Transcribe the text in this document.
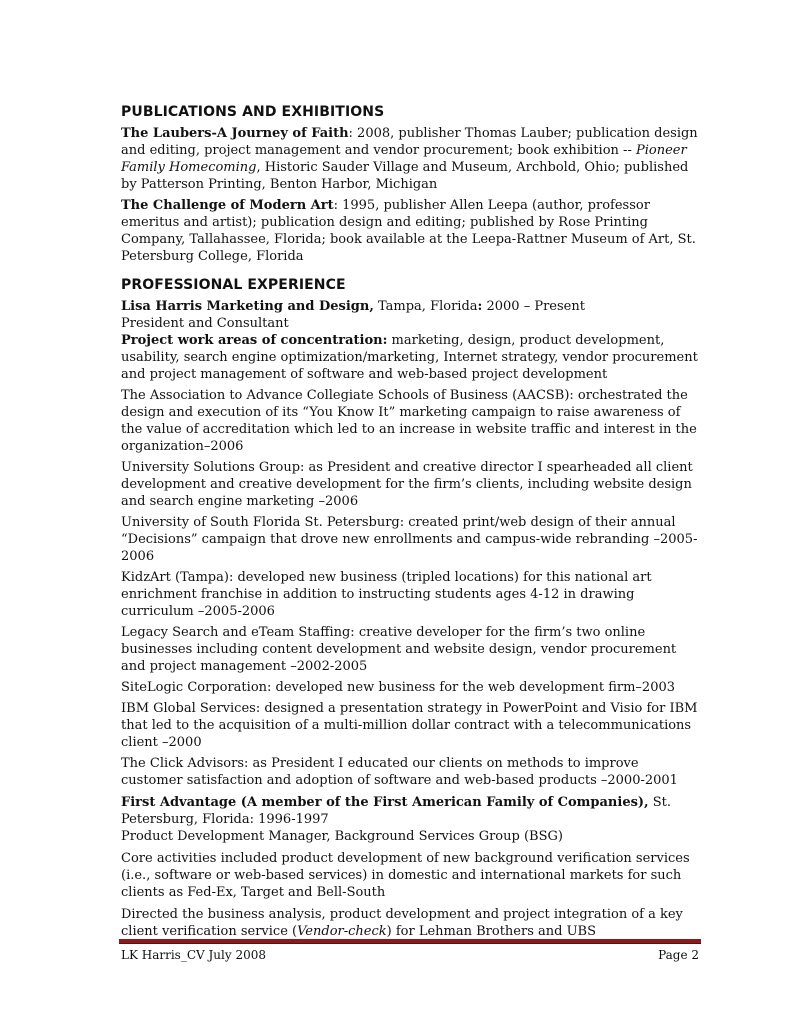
PUBLICATIONS AND EXHIBITIONS

The Laubers-A Journey of Faith: 2008, publisher Thomas Lauber; publication design and editing, project management and vendor procurement; book exhibition -- Pioneer Family Homecoming, Historic Sauder Village and Museum, Archbold, Ohio; published by Patterson Printing, Benton Harbor, Michigan

The Challenge of Modern Art: 1995, publisher Allen Leepa (author, professor emeritus and artist); publication design and editing; published by Rose Printing Company, Tallahassee, Florida; book available at the Leepa-Rattner Museum of Art, St. Petersburg College, Florida

PROFESSIONAL EXPERIENCE

Lisa Harris Marketing and Design, Tampa, Florida: 2000 – Present

President and Consultant

Project work areas of concentration: marketing, design, product development, usability, search engine optimization/marketing, Internet strategy, vendor procurement and project management of software and web-based project development

The Association to Advance Collegiate Schools of Business (AACSB): orchestrated the design and execution of its “You Know It” marketing campaign to raise awareness of the value of accreditation which led to an increase in website traffic and interest in the organization–2006

University Solutions Group: as President and creative director I spearheaded all client development and creative development for the firm’s clients, including website design and search engine marketing –2006

University of South Florida St. Petersburg: created print/web design of their annual “Decisions” campaign that drove new enrollments and campus-wide rebranding –2005-2006

KidzArt (Tampa): developed new business (tripled locations) for this national art enrichment franchise in addition to instructing students ages 4-12 in drawing curriculum –2005-2006

Legacy Search and eTeam Staffing: creative developer for the firm’s two online businesses including content development and website design, vendor procurement and project management –2002-2005

SiteLogic Corporation: developed new business for the web development firm–2003

IBM Global Services: designed a presentation strategy in PowerPoint and Visio for IBM that led to the acquisition of a multi-million dollar contract with a telecommunications client –2000

The Click Advisors: as President I educated our clients on methods to improve customer satisfaction and adoption of software and web-based products –2000-2001

First Advantage (A member of the First American Family of Companies), St. Petersburg, Florida: 1996-1997

Product Development Manager, Background Services Group (BSG)

Core activities included product development of new background verification services (i.e., software or web-based services) in domestic and international markets for such clients as Fed-Ex, Target and Bell-South

Directed the business analysis, product development and project integration of a key client verification service (Vendor-check) for Lehman Brothers and UBS

LK Harris_CV July 2008	Page 2
